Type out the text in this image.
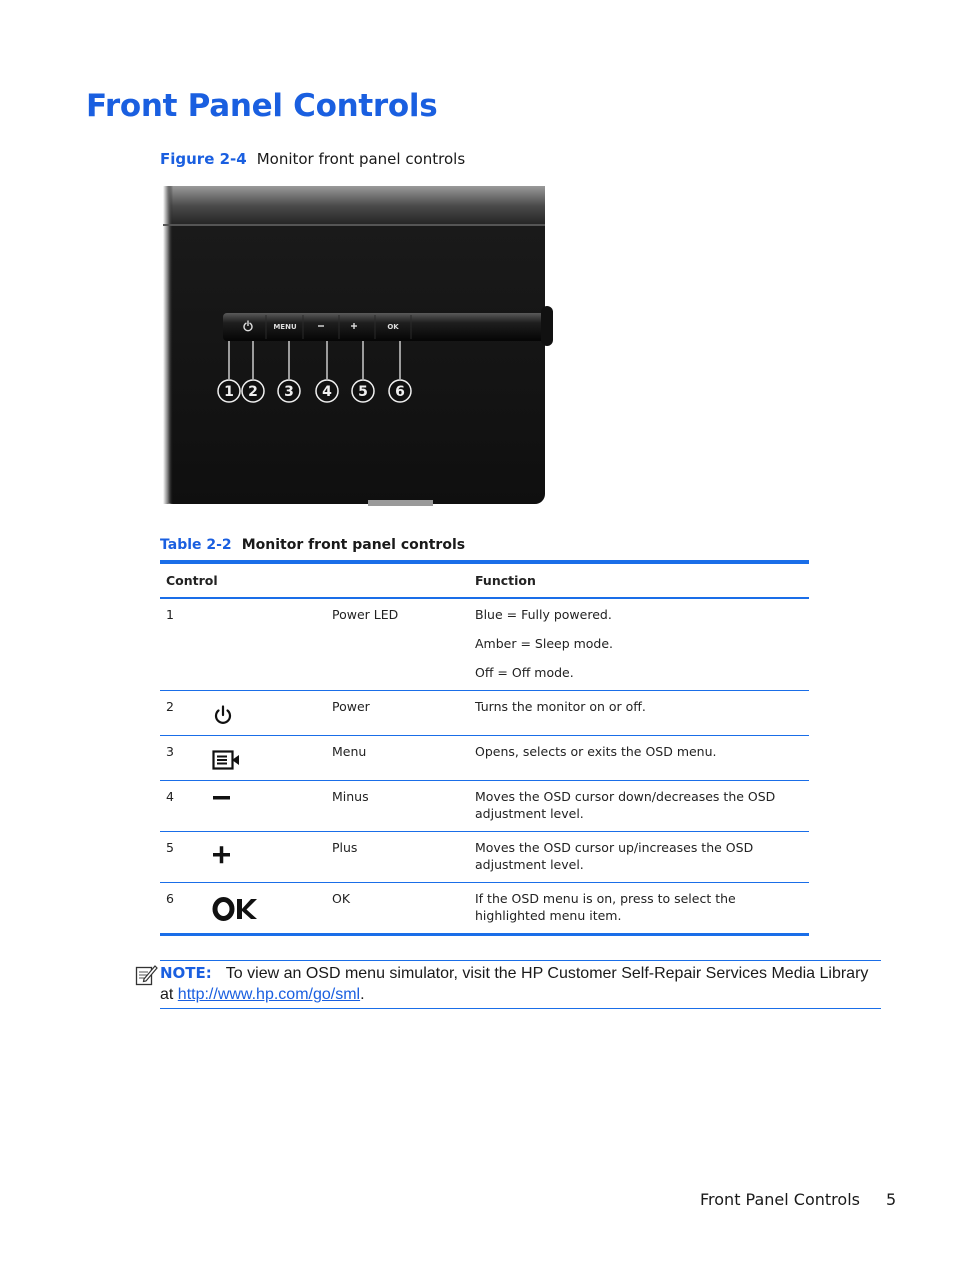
Front Panel Controls
Figure 2-4 Monitor front panel controls
MENU	OK
1 2 3 4 5 6
Table 2-2 Monitor front panel controls
Control			Function
1		Power LED	Blue = Fully powered.

Amber = Sleep mode.

Off = Off mode.

2		Power	Turns the monitor on or off.

3		Menu	Opens, selects or exits the OSD menu.

4		Minus	Moves the OSD cursor down/decreases the OSD adjustment level.

5		Plus	Moves the OSD cursor up/increases the OSD adjustment level.

6		OK	If the OSD menu is on, press to select the highlighted menu item.

NOTE: To view an OSD menu simulator, visit the HP Customer Self-Repair Services Media Library at http://www.hp.com/go/sml.
Front Panel Controls 5
